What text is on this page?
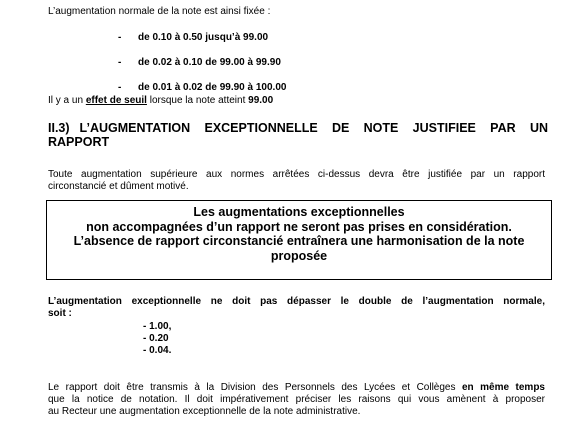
L’augmentation normale de la note est ainsi fixée :
- de 0.10 à 0.50 jusqu’à 99.00
- de 0.02 à 0.10 de 99.00 à 99.90
- de 0.01 à 0.02 de 99.90 à 100.00
Il y a un effet de seuil lorsque la note atteint 99.00
II.3) L’AUGMENTATION EXCEPTIONNELLE DE NOTE JUSTIFIEE PAR UN
RAPPORT
Toute augmentation supérieure aux normes arrêtées ci-dessus devra être justifiée par un rapport
circonstancié et dûment motivé.
Les augmentations exceptionnelles
non accompagnées d’un rapport ne seront pas prises en considération.
L’absence de rapport circonstancié entraînera une harmonisation de la note
proposée
L’augmentation exceptionnelle ne doit pas dépasser le double de l’augmentation normale,
soit :
- 1.00,
- 0.20
- 0.04.
Le rapport doit être transmis à la Division des Personnels des Lycées et Collèges en même temps
que la notice de notation. Il doit impérativement préciser les raisons qui vous amènent à proposer
au Recteur une augmentation exceptionnelle de la note administrative.
